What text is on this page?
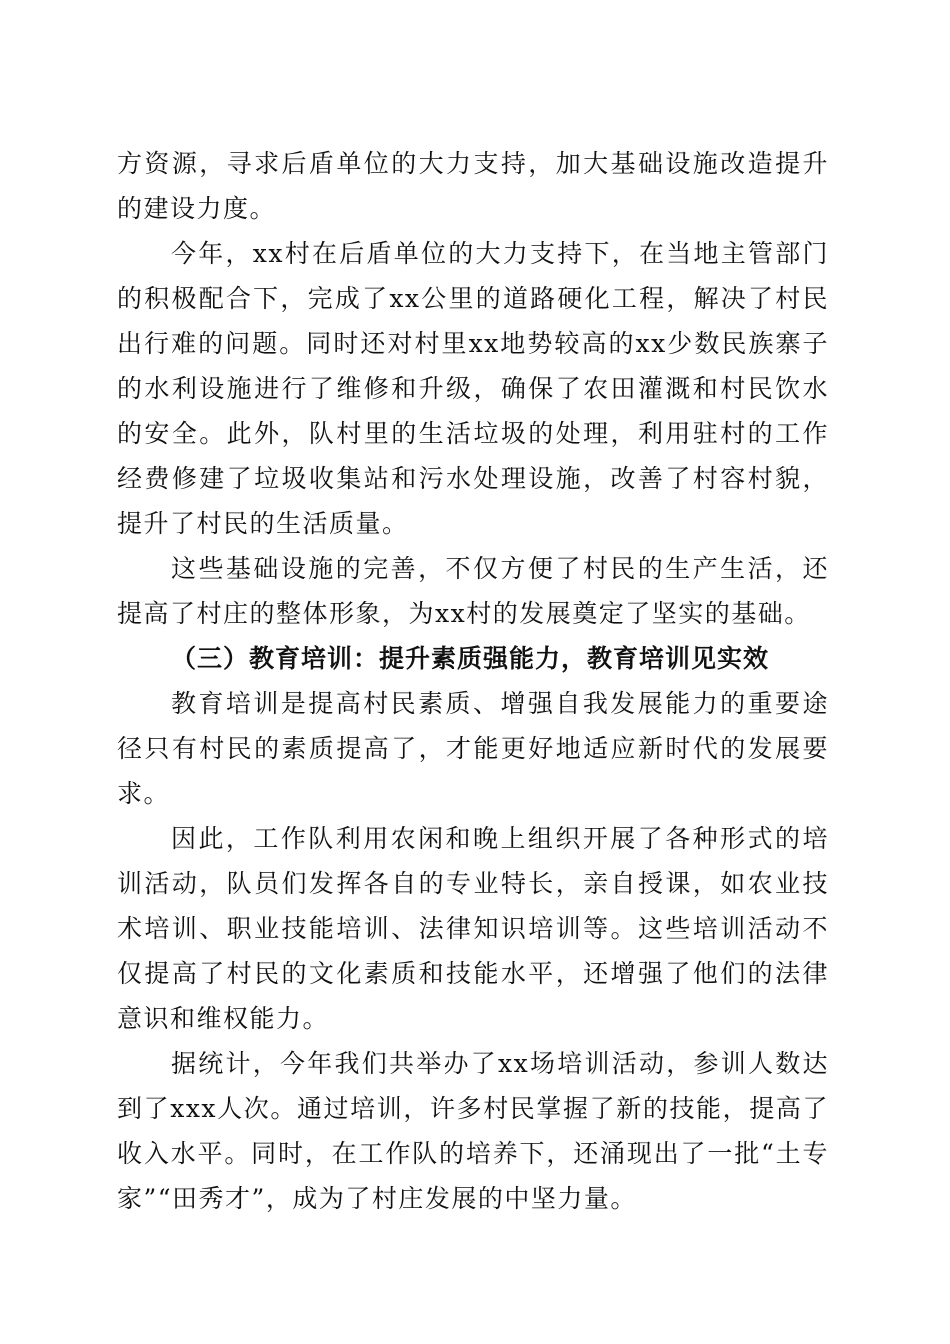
方资源，寻求后盾单位的大力支持，加大基础设施改造提升的建设力度。

今年，xx村在后盾单位的大力支持下，在当地主管部门的积极配合下，完成了xx公里的道路硬化工程，解决了村民出行难的问题。同时还对村里xx地势较高的xx少数民族寨子的水利设施进行了维修和升级，确保了农田灌溉和村民饮水的安全。此外，队村里的生活垃圾的处理，利用驻村的工作经费修建了垃圾收集站和污水处理设施，改善了村容村貌，提升了村民的生活质量。

这些基础设施的完善，不仅方便了村民的生产生活，还提高了村庄的整体形象，为xx村的发展奠定了坚实的基础。

（三）教育培训：提升素质强能力，教育培训见实效

教育培训是提高村民素质、增强自我发展能力的重要途径只有村民的素质提高了，才能更好地适应新时代的发展要求。

因此，工作队利用农闲和晚上组织开展了各种形式的培训活动，队员们发挥各自的专业特长，亲自授课，如农业技术培训、职业技能培训、法律知识培训等。这些培训活动不仅提高了村民的文化素质和技能水平，还增强了他们的法律意识和维权能力。

据统计，今年我们共举办了xx场培训活动，参训人数达到了xxx人次。通过培训，许多村民掌握了新的技能，提高了收入水平。同时，在工作队的培养下，还涌现出了一批“土专家”“田秀才”，成为了村庄发展的中坚力量。
